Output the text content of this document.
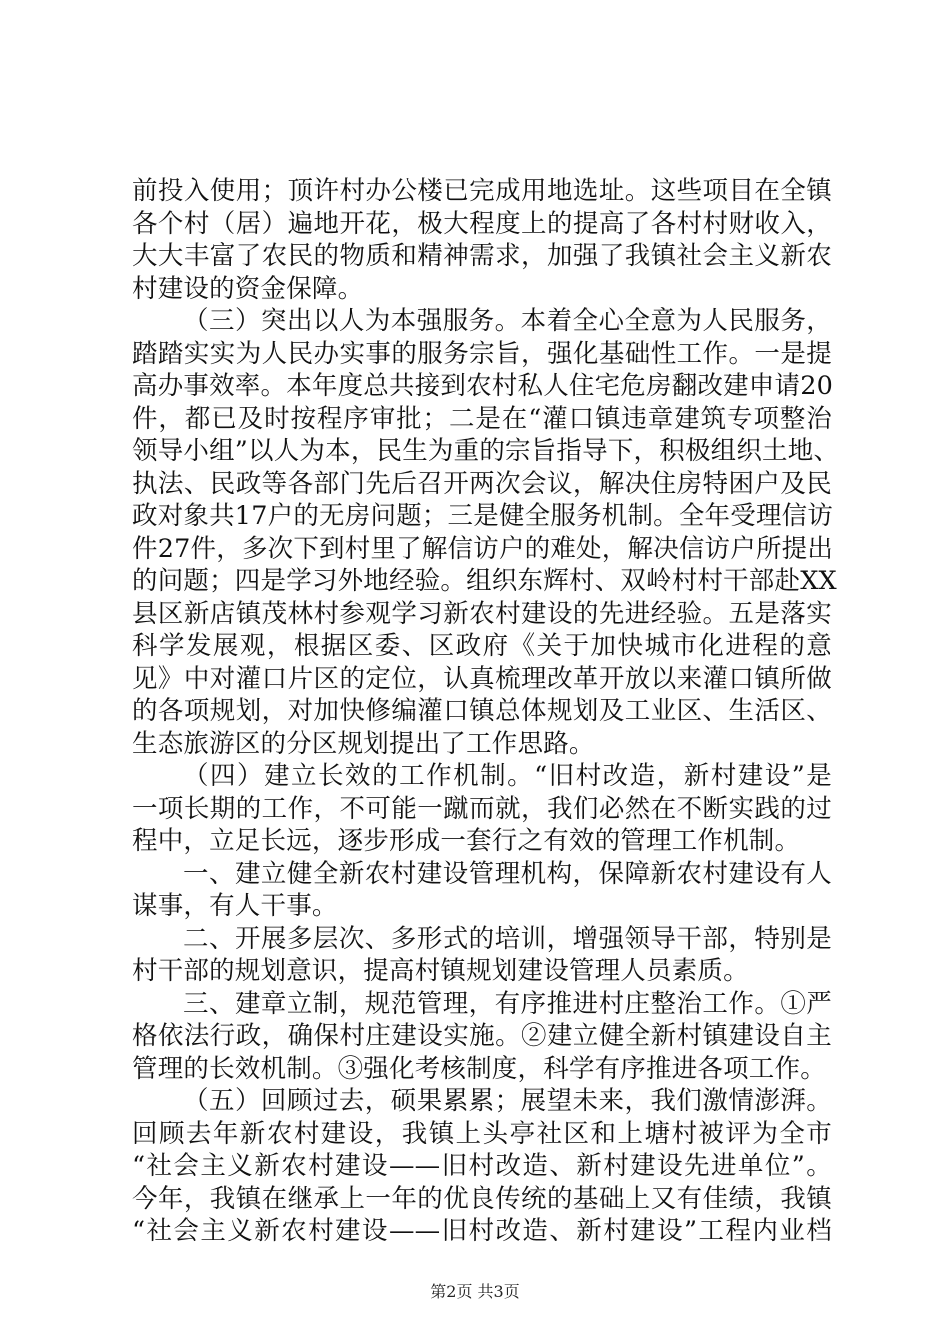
前投入使用；顶许村办公楼已完成用地选址。这些项目在全镇
各个村（居）遍地开花，极大程度上的提高了各村村财收入，
大大丰富了农民的物质和精神需求，加强了我镇社会主义新农
村建设的资金保障。
（三）突出以人为本强服务。本着全心全意为人民服务，
踏踏实实为人民办实事的服务宗旨，强化基础性工作。一是提
高办事效率。本年度总共接到农村私人住宅危房翻改建申请20
件，都已及时按程序审批；二是在“灌口镇违章建筑专项整治
领导小组”以人为本，民生为重的宗旨指导下，积极组织土地、
执法、民政等各部门先后召开两次会议，解决住房特困户及民
政对象共17户的无房问题；三是健全服务机制。全年受理信访
件27件，多次下到村里了解信访户的难处，解决信访户所提出
的问题；四是学习外地经验。组织东辉村、双岭村村干部赴XX
县区新店镇茂林村参观学习新农村建设的先进经验。五是落实
科学发展观，根据区委、区政府《关于加快城市化进程的意
见》中对灌口片区的定位，认真梳理改革开放以来灌口镇所做
的各项规划，对加快修编灌口镇总体规划及工业区、生活区、
生态旅游区的分区规划提出了工作思路。
（四）建立长效的工作机制。“旧村改造，新村建设”是
一项长期的工作，不可能一蹴而就，我们必然在不断实践的过
程中，立足长远，逐步形成一套行之有效的管理工作机制。
一、建立健全新农村建设管理机构，保障新农村建设有人
谋事，有人干事。
二、开展多层次、多形式的培训，增强领导干部，特别是
村干部的规划意识，提高村镇规划建设管理人员素质。
三、建章立制，规范管理，有序推进村庄整治工作。①严
格依法行政，确保村庄建设实施。②建立健全新村镇建设自主
管理的长效机制。③强化考核制度，科学有序推进各项工作。
（五）回顾过去，硕果累累；展望未来，我们激情澎湃。
回顾去年新农村建设，我镇上头亭社区和上塘村被评为全市
“社会主义新农村建设——旧村改造、新村建设先进单位”。
今年，我镇在继承上一年的优良传统的基础上又有佳绩，我镇
“社会主义新农村建设——旧村改造、新村建设”工程内业档
第2页 共3页
